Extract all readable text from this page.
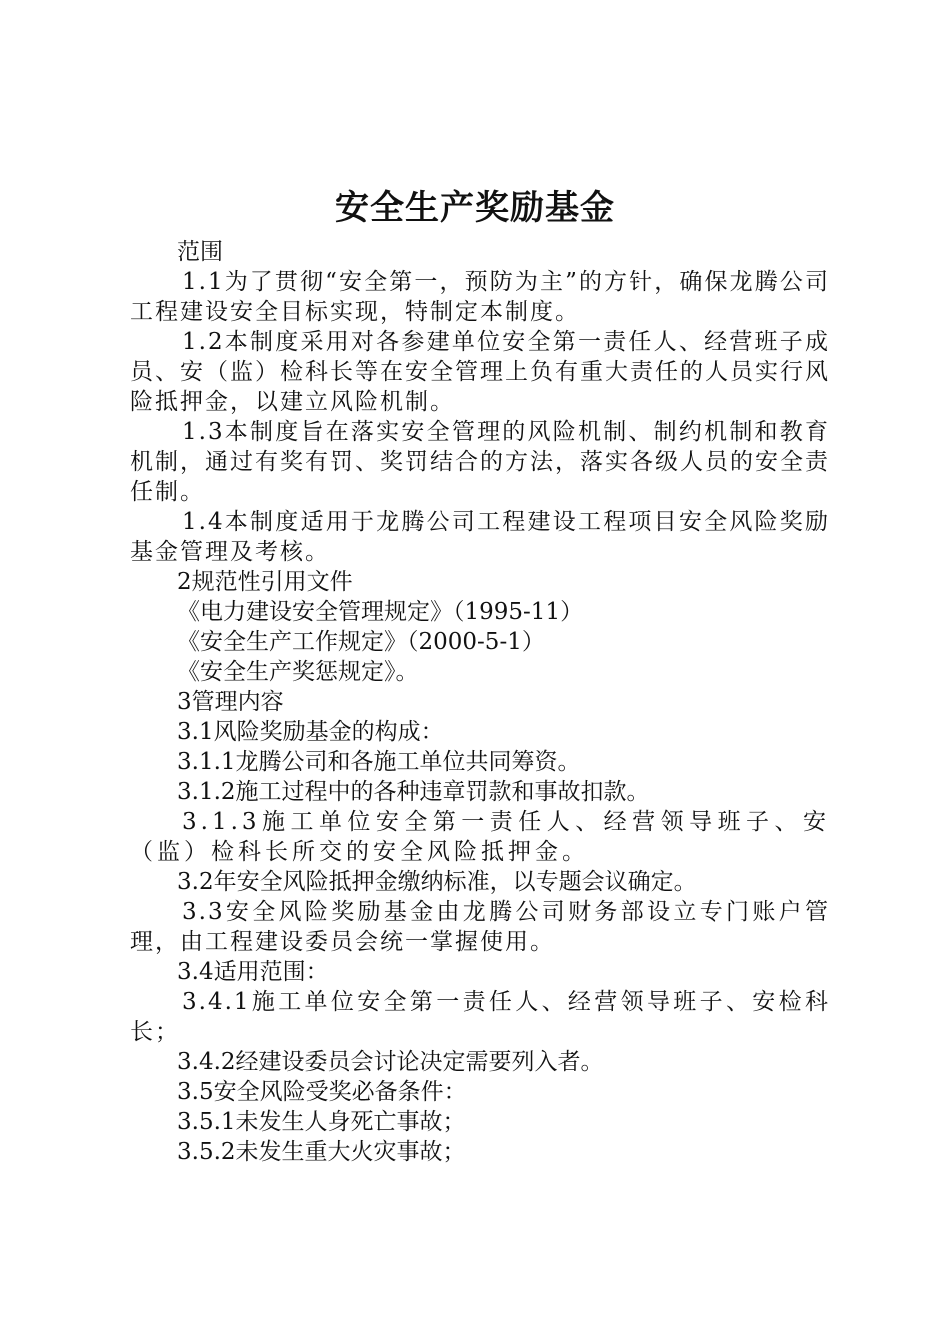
安全生产奖励基金

范围

1.1为了贯彻“安全第一，预防为主”的方针，确保龙腾公司工程建设安全目标实现，特制定本制度。

1.2本制度采用对各参建单位安全第一责任人、经营班子成员、安（监）检科长等在安全管理上负有重大责任的人员实行风险抵押金，以建立风险机制。

1.3本制度旨在落实安全管理的风险机制、制约机制和教育机制，通过有奖有罚、奖罚结合的方法，落实各级人员的安全责任制。

1.4本制度适用于龙腾公司工程建设工程项目安全风险奖励基金管理及考核。

2规范性引用文件

《电力建设安全管理规定》（1995-11）

《安全生产工作规定》（2000-5-1）

《安全生产奖惩规定》。

3管理内容

3.1风险奖励基金的构成：

3.1.1龙腾公司和各施工单位共同筹资。

3.1.2施工过程中的各种违章罚款和事故扣款。

3.1.3施工单位安全第一责任人、经营领导班子、安（监）检科长所交的安全风险抵押金。

3.2年安全风险抵押金缴纳标准，以专题会议确定。

3.3安全风险奖励基金由龙腾公司财务部设立专门账户管理，由工程建设委员会统一掌握使用。

3.4适用范围：

3.4.1施工单位安全第一责任人、经营领导班子、安检科长；

3.4.2经建设委员会讨论决定需要列入者。

3.5安全风险受奖必备条件：

3.5.1未发生人身死亡事故；

3.5.2未发生重大火灾事故；
